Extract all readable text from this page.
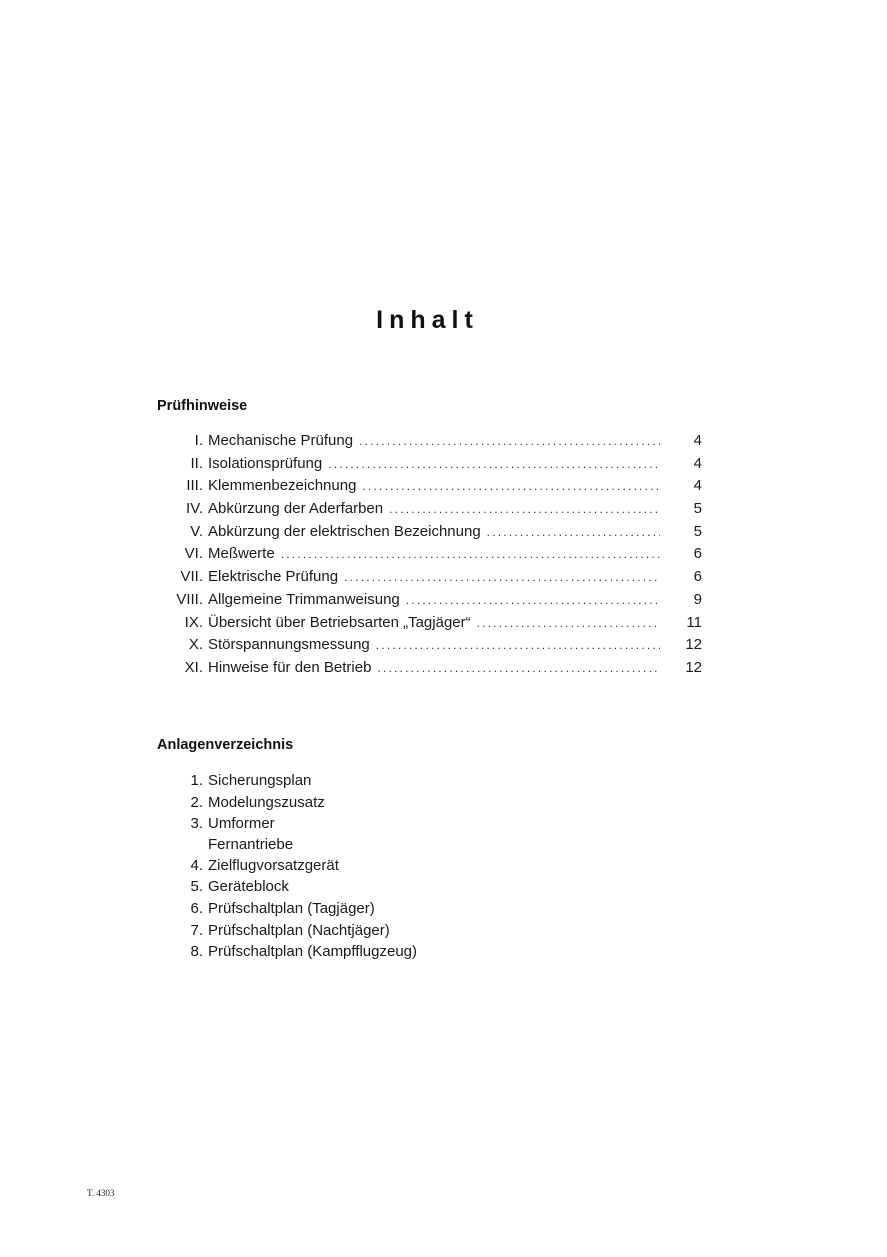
Inhalt
Prüfhinweise
I. Mechanische Prüfung .....	4
II. Isolationsprüfung .....	4
III. Klemmenbezeichnung .....	4
IV. Abkürzung der Aderfarben .....	5
V. Abkürzung der elektrischen Bezeichnung .....	5
VI. Meßwerte .....	6
VII. Elektrische Prüfung .....	6
VIII. Allgemeine Trimmanweisung .....	9
IX. Übersicht über Betriebsarten „Tagjäger“ .....	11
X. Störspannungsmessung .....	12
XI. Hinweise für den Betrieb .....	12
Anlagenverzeichnis
1. Sicherungsplan
2. Modelungszusatz
3. Umformer
Fernantriebe
4. Zielflugvorsatzgerät
5. Geräteblock
6. Prüfschaltplan (Tagjäger)
7. Prüfschaltplan (Nachtjäger)
8. Prüfschaltplan (Kampfflugzeug)
T. 4303
